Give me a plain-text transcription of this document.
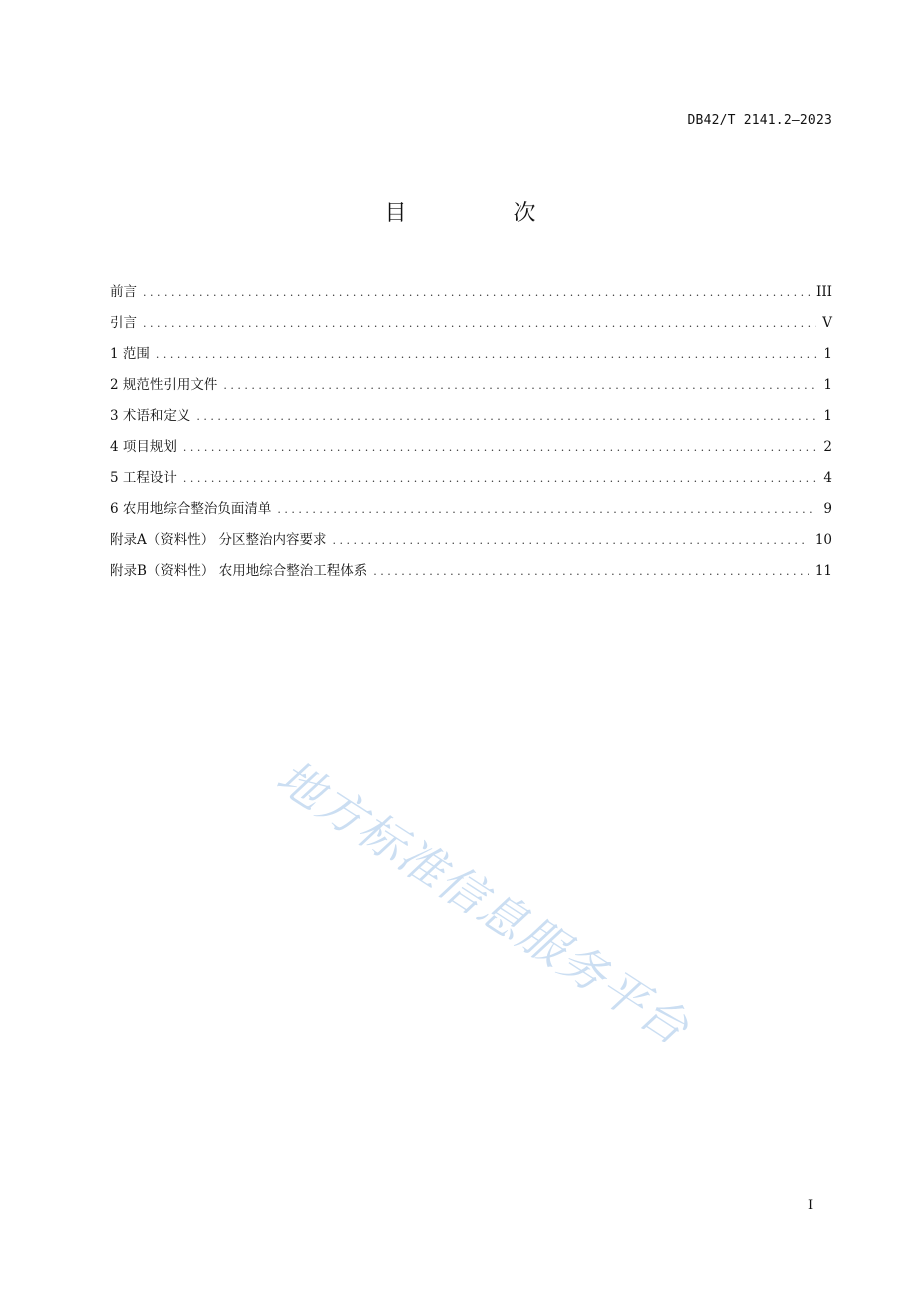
DB42/T 2141.2—2023
目 次
前言 .....	III
引言 .....	V
1 范围 .....	1
2 规范性引用文件 .....	1
3 术语和定义 .....	1
4 项目规划 .....	2
5 工程设计 .....	4
6 农用地综合整治负面清单 .....	9
附录A（资料性） 分区整治内容要求 .....	10
附录B（资料性） 农用地综合整治工程体系 .....	11
地方标准信息服务平台
I
